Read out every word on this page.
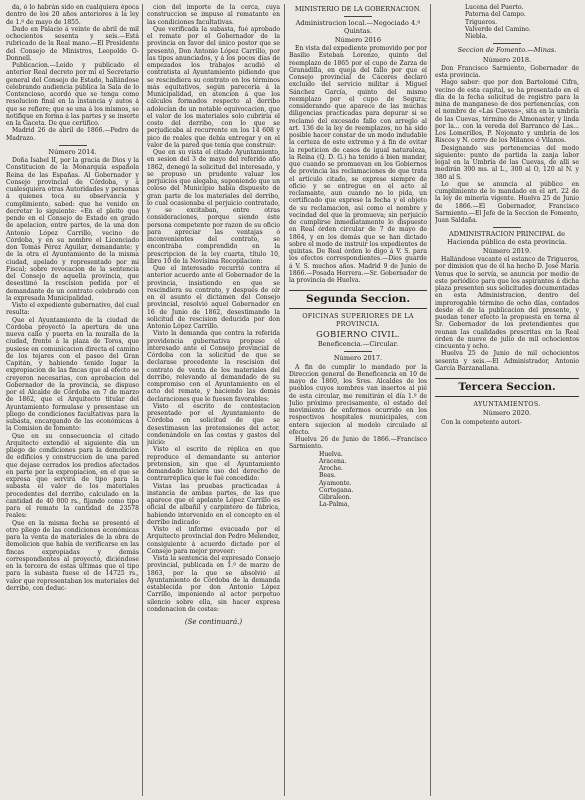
da, ó lo habrán sido en cualquiera época dentro de los 20 años anteriores á la ley de 1.º de mayo de 1855.

Dado en Palacio á veinte de abril de mil ochocientos sesenta y seis.—Está rubricado de la Real mano.—El Presidente del Consejo de Ministros, Leopoldo O-Donnell.

Publicacion.—Leido y publicado el anterior Real decreto por mí el Secretario general del Consejo de Estado, hallándose celebrando audiencia pública la Sala de lo Contencioso, acordó que se tenga como resolucion final en la instancia y autos á que se refiere; que se una á los mismos, se notifique en forma á las partes y se inserte en la Gaceta. De que certifico.

Madrid 26 de abril de 1866.—Pedro de Madrazo.

Número 2014.

Doña Isabel II, por la gracia de Dios y la Constitucion de la Monarquía española Reina de las Españas. Al Gobernador y Consejo provincial de Córdoba, y á cualesquiera otras Autoridades y personas á quienes toca su observancia y cumplimiento, sabed: que he venido en decretar lo siguiente: «En el pleito que pende en el Consejo de Estado en grado de apelacion, entre partes, de la una don Antonio López Carrillo, vecino de Córdoba, y en su nombre el Licenciado don Tomás Pérez Aguilar, demandante; y de la otra el Ayuntamiento de la misma ciudad, apelado y representado por mi Fiscal; sobre revocacion de la sentencia del Consejo de aquella provincia, que desestimó la rescision pedida por el demandante de un contrato celebrado con la expresada Municipalidad.

Visto el expediente gubernativo, del cual resulta:

Que el Ayuntamiento de la ciudad de Córdoba proyectó la apertura de una nueva calle y puerta en la muralla de la ciudad, frente á la plaza de Toros, que pusiese en comunicacion directa el camino de los tejares con el paseo del Gran Capitán, y habiendo tenido lugar la expropiacion de las fincas que al efecto se creyeron necesarias, con aprobacion del Gobernador de la provincia, se dispuso por el Alcalde de Córdoba en 7 de marzo de 1862, que el Arquitecto titular del Ayuntamiento formulase y presentase un pliego de condiciones facultativas para la subasta, encargando de las económicas á la Comision de fomento:

Que en su consecuencia el citado Arquitecto extendió el siguiente día un pliego de condiciones para la demolicion de edificios y construccion de una pared que dejase cerrados los predios afectados en parte por la expropiacion, en el que se expresa que servirá de tipo para la subasta el valor de los materiales procedentes del derribo, calculado en la cantidad de 40 000 rs., fijando como tipo para el remate la cantidad de 23578 reales:

Que en la misma fecha se presentó el otro pliego de las condiciones económicas para la venta de materiales de la obra de demolicion que había de verificarse en las fincas expropiadas y demás correspondientes al proyecto, diciéndose en la tercera de estas últimas que el tipo para la subasta fuese el de 14725 rs., valor que representaban los materiales del derribo, con deduc-

cion del importe de la cerca, cuya construccion se impuso al rematante en las condiciones facultativas.

Que verificada la subasta, fué aprobado el remate por el Gobernador de la provincia en favor del único postor que se presentó, Don Antonio López Carrillo, por las tipos anunciados, y á los pocos días de empezados los trabajos acudió el contratista al Ayuntamiento pidiendo que se rescindiera su contrato en los términos más equitativos, según parecería á la Municipalidad, en atencion á que los cálculos formados respecto al derribo adolecían de un notable equivocacion, que el valor de los materiales solo cubriría el costo del derribo, con lo que se perjudicaba al recurrente en los 14 608 y pico de reales que debía entregar y en el valor de la pared que tenía que construir:

Que en su vista el citado Ayuntamiento, en sesion del 3 de mayo del referido año 1862, denegó la solicitud del interesado, y se propuso un prudente valuar los perjuicios que alegaba, suponiendo que un coloso del Municipio había dispuesto de gran parte de los materiales del derribo, lo cual ocasionaba el perjuicio contratado, y se excitaban, entre otras consideraciones, porque siendo éste persona competente por razon de su oficio para apreciar las ventajas ó inconvenientes del contrato, se encontraba comprendido en la prescripcion de la ley cuarta, título 10, libro 10 de la Novísima Recopilacion:

Que el interesado recurrió contra el anterior acuerdo ante el Gobernador de la provincia, insistiendo en que se rescindiera su contrato, y después de oír en él asunto el dictámen del Consejo provincial, resolvió aquel Gobernador en 16 de Junio de 1862, desestimando la solicitud de rescision deducida por don Antonio López Carrillo.

Visto la demanda que contra la referida providencia gubernativa propuso el interesado ante el Consejo provincial de Córdoba con la solicitud de que se declarase procedente la rescision del contrato de venta de los materiales del derribo, relevando al demandado de su compromiso con el Ayuntamiento en el acto del remate, y haciendo las demás declaraciones que le fuesen favorables:

Visto el escrito de contestacion presentado por el Ayuntamiento de Córdoba en solicitud de que se desestimasen las pretensiones del actor, condenándole en las costas y gastos del juicio:

Visto el escrito de réplica en que reproduce el demandante su anterior pretension, sin que el Ayuntamiento demandado hiciera uso del derecho de contrarréplica que le fué concedido:

Vistas las pruebas practicadas á instancia de ambas partes, de las que aparece que el apelante López Carrillo es oficial de albañil y carpintero de fábrica, habiendo intervenido en el concepto en el derribo indicado:

Visto el informe evacuado por el Arquitecto provincial don Pedro Melendez, consiguiente á acuerdo dictado por el Consejo para mejor proveer:

Vista la sentencia del expresado Consejo provincial, publicada en 1.º de marzo de 1863, por la que se absolvió al Ayuntamiento de Córdoba de la demanda establecida por don Antonio López Carrillo, imponiendo al actor perpetuo silencio sobre ella, sin hacer expresa condenacion de costas:

(Se continuará.)
MINISTERIO DE LA GOBERNACION.
Administracion local.—Negociado 4.º Quintas.
Número 2016

En vista del expediente promovido por por Basilio Esteban Lorenzo, quinto del reemplazo de 1865 por el cupo de Zarza de Granadilla, en queja del fallo por que el Consejo provincial de Cáceres declaró excluido del servicio militar á Miguel Sánchez García, quinto del mismo reemplazo por el cupo de Segura; considerando que aparece de las muchas diligencias practicadas para depurar si se reclamó del excesado fallo con arreglo al art. 136 de la ley de reemplazos, no ha sido posible hacer constar de un modo indudable la certeza de este extremo y á fin de evitar la repeticion de casos de igual naturaleza, la Reina (Q. D. G.) ha tenido á bien mandar, que cuando se promuevan en los Gobiernos de provincia las reclamaciones de que trata el artículo citado, se exprese siempre de oficio y se entregue en el acto al reclamante, aun cuando no lo pida, un certificado que exprese la fecha y el objeto de su reclamacion, así como el nombre y vecindad del que la promueva; sin perjuicio de cumplirse inmediatamente lo dispuesto en Real órden circular de 7 de mayo de 1864, y en los demás que se han dictado sobre el modo de instruir los expedientes de quintas. De Real órden lo digo á V. S. para los efectos correspondientes.—Dios guarde á V. S. muchos años. Madrid 9 de Junio de 1866.—Posada Herrera.—Sr. Gobernador de la provincia de Huelva.

Segunda Seccion.
OFICINAS SUPERIORES DE LA PROVINCIA.
GOBIERNO CIVIL.
Beneficencia.—Circular.
Número 2017.

A fin de cumplir lo mandado por la Direccion general de Beneficencia en 10 de mayo de 1860, los Sres. Alcaldes de los pueblos cuyos nombres van insertos al pié de esta circular, me remitirán el día 1.º de Julio próximo precisamente, el estado del movimiento de enfermos ocurrido en los respectivos hospitales municipales, con entera sujecion al modelo circulado al efecto.

Huelva 26 de Junio de 1866.—Francisco Sarmiento.

Huelva.

Aracena.

Aroche.

Beas.

Ayamonte.

Cortegana.

Gibraleon.

La-Palma,

Lucena del Puerto.

Paterna del Campo.

Trigueros.

Valverde del Camino.

Niebla.

Seccion de Fomento.—Minas.
Número 2018.

Don Francisco Sarmiento, Gobernador de esta provincia.

Hago saber: que por don Bartolomé Cifra, vecino de esta capital, se ha presentado en el día de la fecha solicitud de registro para la mina de manganeso de dos pertenencias, con el nombre de «Las Cuevas», sita en la umbría de las Cuevas, término de Almonaster, y linda por la... con la vereda del Barranco de Las... Los Lomerillos, P. Nojonato y umbría de los Riscos y N. cerro de los Milanos ó Vilanos.

Designando sus pertenencias del modo siguiente: punto de partida la zanja labor legal en la Umbría de las Cuevas, de allí se medirán 300 ms. al L., 300 al O, 120 al N. y 380 al S.

Lo que se anuncia al público en cumplimiento de lo mandado en el art. 22 de la ley de minería vigente. Huelva 25 de Junio de 1866.—El Gobernador, Francisco Sarmiento.—El Jefe de la Seccion de Fomento, Juan Saldaña.

ADMINISTRACION PRINCIPAL de Hacienda pública de esta provincia.
Número 2019.

Hallándose vacante el estanco de Trigueros, por dimision que de él ha hecho D. José María Venus que lo servía, se anuncia por medio de este periódico para que los aspirantes á dicha plaza presenten sus solicitudes documentadas en esta Administracion, dentro del improrogable término de ocho días, contados desde el de la publicacion del presente, y puedan tener efecto la propuesta en terna al Sr. Gobernador de los pretendientes que reunan las cualidades prescritas en la Real órden de nueve de julio de mil ochocientos cincuenta y ocho.

Huelva 25 de Junio de mil ochocientos sesenta y seis.—El Administrador, Antonio García Barzanallana.

Tercera Seccion.
AYUNTAMIENTOS.
Número 2020.

Con la competente autori-
